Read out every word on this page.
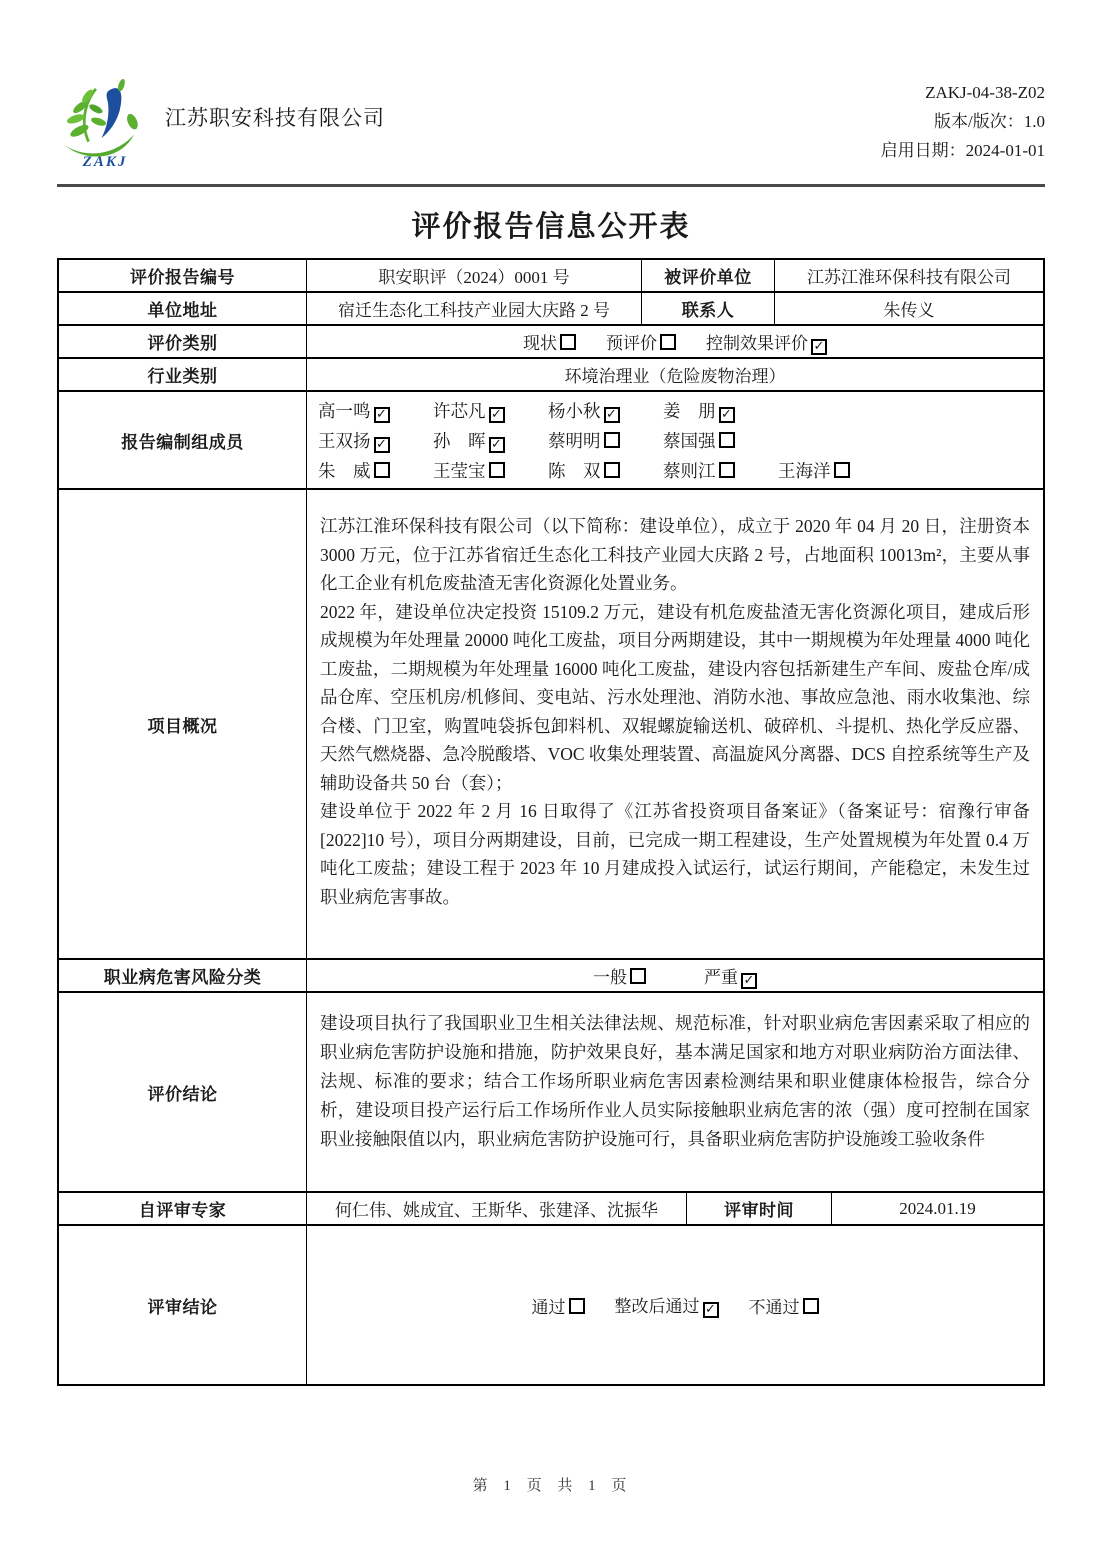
ZAKJ
江苏职安科技有限公司
ZAKJ-04-38-Z02
版本/版次：1.0
启用日期：2024-01-01
评价报告信息公开表
评价报告编号	职安职评（2024）0001 号	被评价单位	江苏江淮环保科技有限公司
单位地址	宿迁生态化工科技产业园大庆路 2 号	联系人	朱传义
评价类别	现状	预评价	控制效果评价✓
行业类别	环境治理业（危险废物治理）
报告编制组成员
高一鸣 ✓	许芯凡 ✓	杨小秋 ✓	姜　朋✓
王双扬 ✓	孙　晖 ✓	蔡明明	蔡国强
朱　威	王莹宝	陈　双	蔡则江	王海洋
项目概况

江苏江淮环保科技有限公司（以下简称：建设单位），成立于 2020 年 04 月 20 日，注册资本 3000 万元，位于江苏省宿迁生态化工科技产业园大庆路 2 号，占地面积 10013m²，主要从事化工企业有机危废盐渣无害化资源化处置业务。

2022 年，建设单位决定投资 15109.2 万元，建设有机危废盐渣无害化资源化项目，建成后形成规模为年处理量 20000 吨化工废盐，项目分两期建设，其中一期规模为年处理量 4000 吨化工废盐，二期规模为年处理量 16000 吨化工废盐，建设内容包括新建生产车间、废盐仓库/成品仓库、空压机房/机修间、变电站、污水处理池、消防水池、事故应急池、雨水收集池、综合楼、门卫室，购置吨袋拆包卸料机、双辊螺旋输送机、破碎机、斗提机、热化学反应器、天然气燃烧器、急冷脱酸塔、VOC 收集处理装置、高温旋风分离器、DCS 自控系统等生产及辅助设备共 50 台（套）；

建设单位于 2022 年 2 月 16 日取得了《江苏省投资项目备案证》（备案证号：宿豫行审备[2022]10 号），项目分两期建设，目前，已完成一期工程建设，生产处置规模为年处置 0.4 万吨化工废盐；建设工程于 2023 年 10 月建成投入试运行，试运行期间，产能稳定，未发生过职业病危害事故。

职业病危害风险分类	一般	严重✓
评价结论

建设项目执行了我国职业卫生相关法律法规、规范标准，针对职业病危害因素采取了相应的职业病危害防护设施和措施，防护效果良好，基本满足国家和地方对职业病防治方面法律、法规、标准的要求；结合工作场所职业病危害因素检测结果和职业健康体检报告，综合分析，建设项目投产运行后工作场所作业人员实际接触职业病危害的浓（强）度可控制在国家职业接触限值以内，职业病危害防护设施可行，具备职业病危害防护设施竣工验收条件

自评审专家	何仁伟、姚成宜、王斯华、张建泽、沈振华	评审时间	2024.01.19
评审结论	通过	整改后通过 ✓	不通过
第 1 页 共 1 页
